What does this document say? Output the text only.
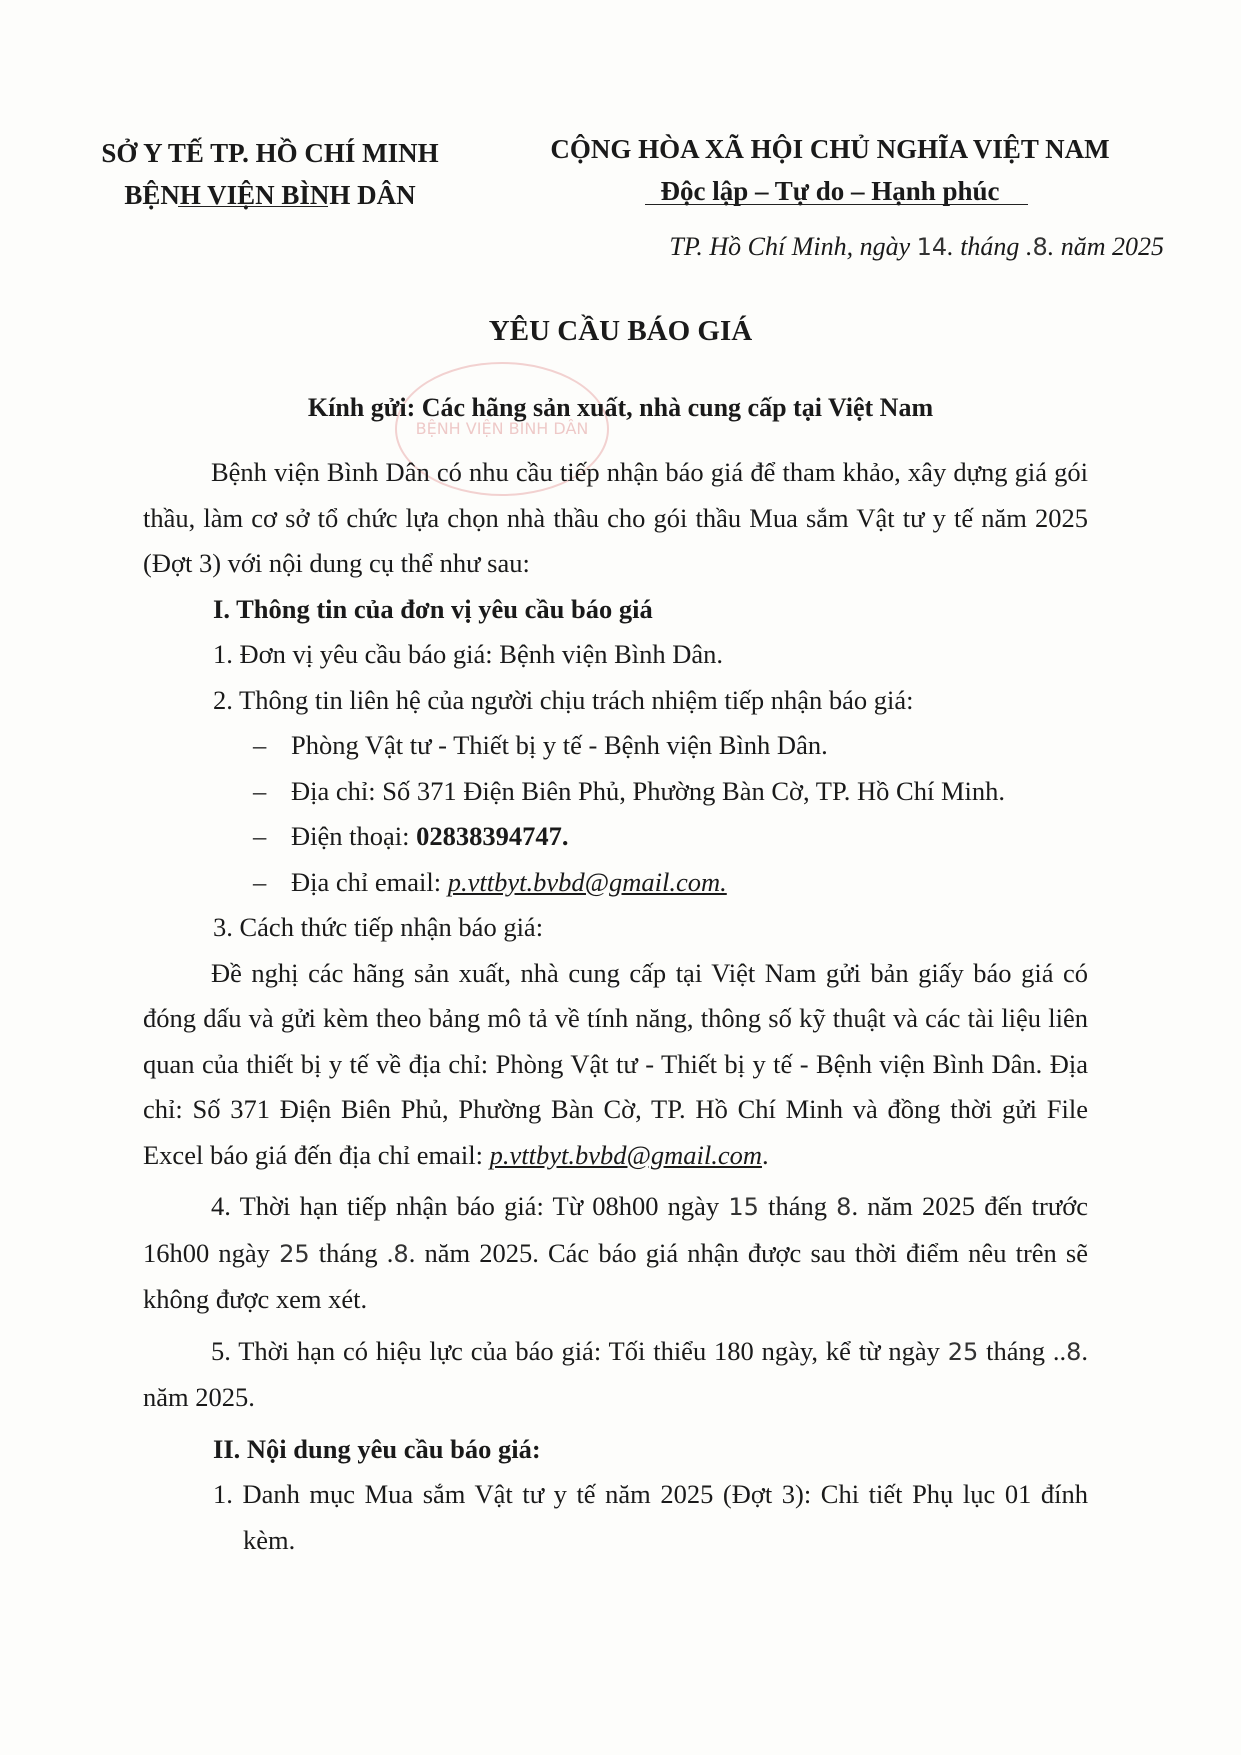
SỞ Y TẾ TP. HỒ CHÍ MINH
BỆNH VIỆN BÌNH DÂN
CỘNG HÒA XÃ HỘI CHỦ NGHĨA VIỆT NAM
Độc lập – Tự do – Hạnh phúc
TP. Hồ Chí Minh, ngày 14. tháng .8. năm 2025
YÊU CẦU BÁO GIÁ
BỆNH VIỆN BÌNH DÂN
Kính gửi: Các hãng sản xuất, nhà cung cấp tại Việt Nam

Bệnh viện Bình Dân có nhu cầu tiếp nhận báo giá để tham khảo, xây dựng giá gói thầu, làm cơ sở tổ chức lựa chọn nhà thầu cho gói thầu Mua sắm Vật tư y tế năm 2025 (Đợt 3) với nội dung cụ thể như sau:

I. Thông tin của đơn vị yêu cầu báo giá

1. Đơn vị yêu cầu báo giá: Bệnh viện Bình Dân.

2. Thông tin liên hệ của người chịu trách nhiệm tiếp nhận báo giá:

– Phòng Vật tư - Thiết bị y tế - Bệnh viện Bình Dân.

– Địa chỉ: Số 371 Điện Biên Phủ, Phường Bàn Cờ, TP. Hồ Chí Minh.

– Điện thoại: 02838394747.

– Địa chỉ email: p.vttbyt.bvbd@gmail.com.

3. Cách thức tiếp nhận báo giá:

Đề nghị các hãng sản xuất, nhà cung cấp tại Việt Nam gửi bản giấy báo giá có đóng dấu và gửi kèm theo bảng mô tả về tính năng, thông số kỹ thuật và các tài liệu liên quan của thiết bị y tế về địa chỉ: Phòng Vật tư - Thiết bị y tế - Bệnh viện Bình Dân. Địa chỉ: Số 371 Điện Biên Phủ, Phường Bàn Cờ, TP. Hồ Chí Minh và đồng thời gửi File Excel báo giá đến địa chỉ email: p.vttbyt.bvbd@gmail.com.

4. Thời hạn tiếp nhận báo giá: Từ 08h00 ngày 15 tháng 8. năm 2025 đến trước 16h00 ngày 25 tháng .8. năm 2025. Các báo giá nhận được sau thời điểm nêu trên sẽ không được xem xét.

5. Thời hạn có hiệu lực của báo giá: Tối thiểu 180 ngày, kể từ ngày 25 tháng ..8. năm 2025.

II. Nội dung yêu cầu báo giá:

1. Danh mục Mua sắm Vật tư y tế năm 2025 (Đợt 3): Chi tiết Phụ lục 01 đính kèm.
